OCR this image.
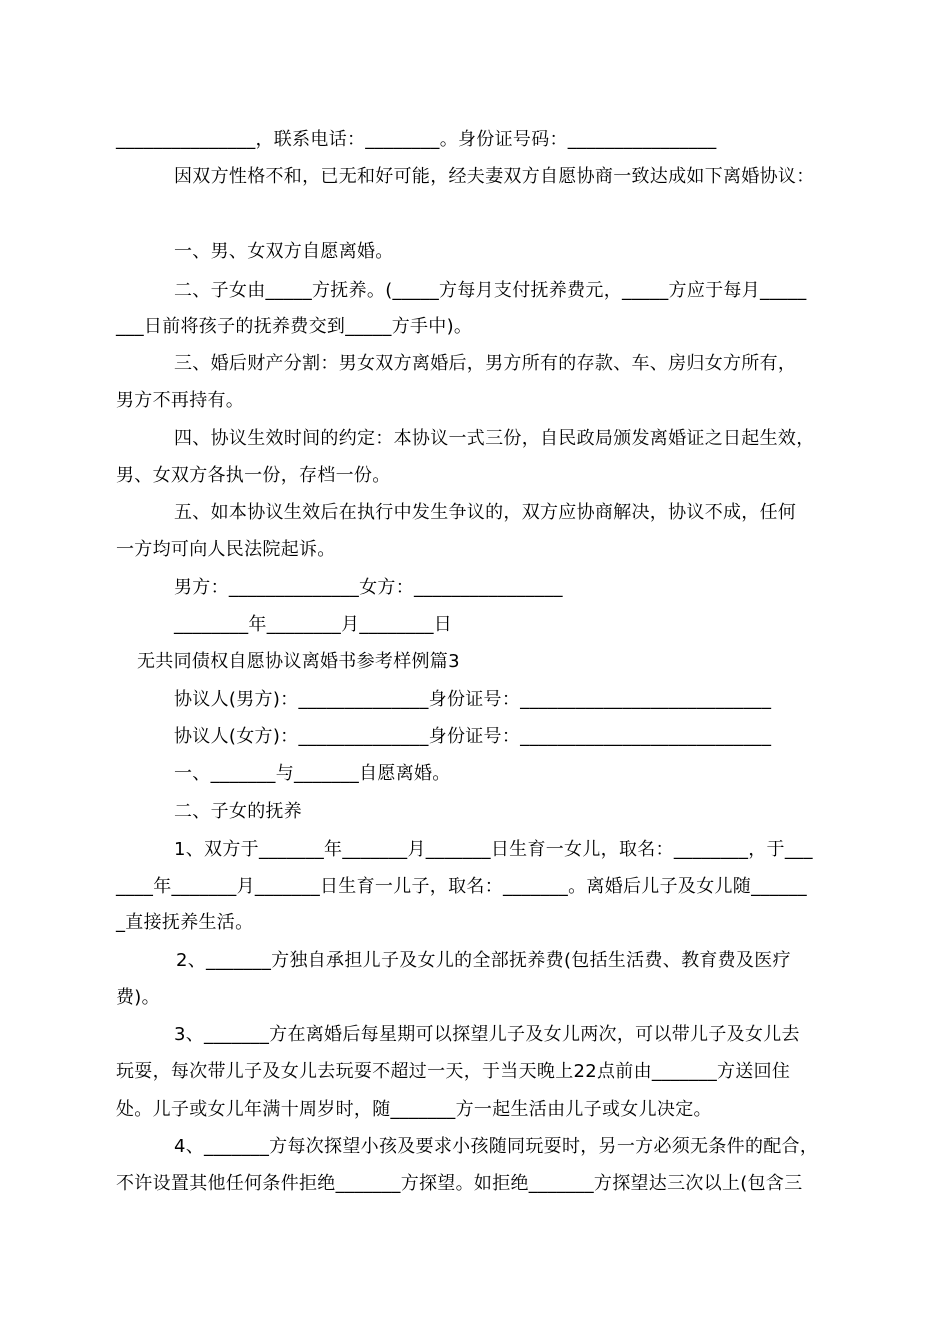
_______________，联系电话：________。身份证号码：________________
因双方性格不和，已无和好可能，经夫妻双方自愿协商一致达成如下离婚协议：
一、男、女双方自愿离婚。
二、子女由_____方抚养。(_____方每月支付抚养费元，_____方应于每月_____
___日前将孩子的抚养费交到_____方手中)。
三、婚后财产分割：男女双方离婚后，男方所有的存款、车、房归女方所有，
男方不再持有。
四、协议生效时间的约定：本协议一式三份，自民政局颁发离婚证之日起生效，
男、女双方各执一份，存档一份。
五、如本协议生效后在执行中发生争议的，双方应协商解决，协议不成，任何
一方均可向人民法院起诉。
男方：______________女方：________________
________年________月________日
无共同债权自愿协议离婚书参考样例篇3
协议人(男方)：______________身份证号：___________________________
协议人(女方)：______________身份证号：___________________________
一、_______与_______自愿离婚。
二、子女的抚养
1、双方于_______年_______月_______日生育一女儿，取名：________，于___
____年_______月_______日生育一儿子，取名：_______。离婚后儿子及女儿随______
_直接抚养生活。
2、_______方独自承担儿子及女儿的全部抚养费(包括生活费、教育费及医疗
费)。
3、_______方在离婚后每星期可以探望儿子及女儿两次，可以带儿子及女儿去
玩耍，每次带儿子及女儿去玩耍不超过一天，于当天晚上22点前由_______方送回住
处。儿子或女儿年满十周岁时，随_______方一起生活由儿子或女儿决定。
4、_______方每次探望小孩及要求小孩随同玩耍时，另一方必须无条件的配合，
不许设置其他任何条件拒绝_______方探望。如拒绝_______方探望达三次以上(包含三
